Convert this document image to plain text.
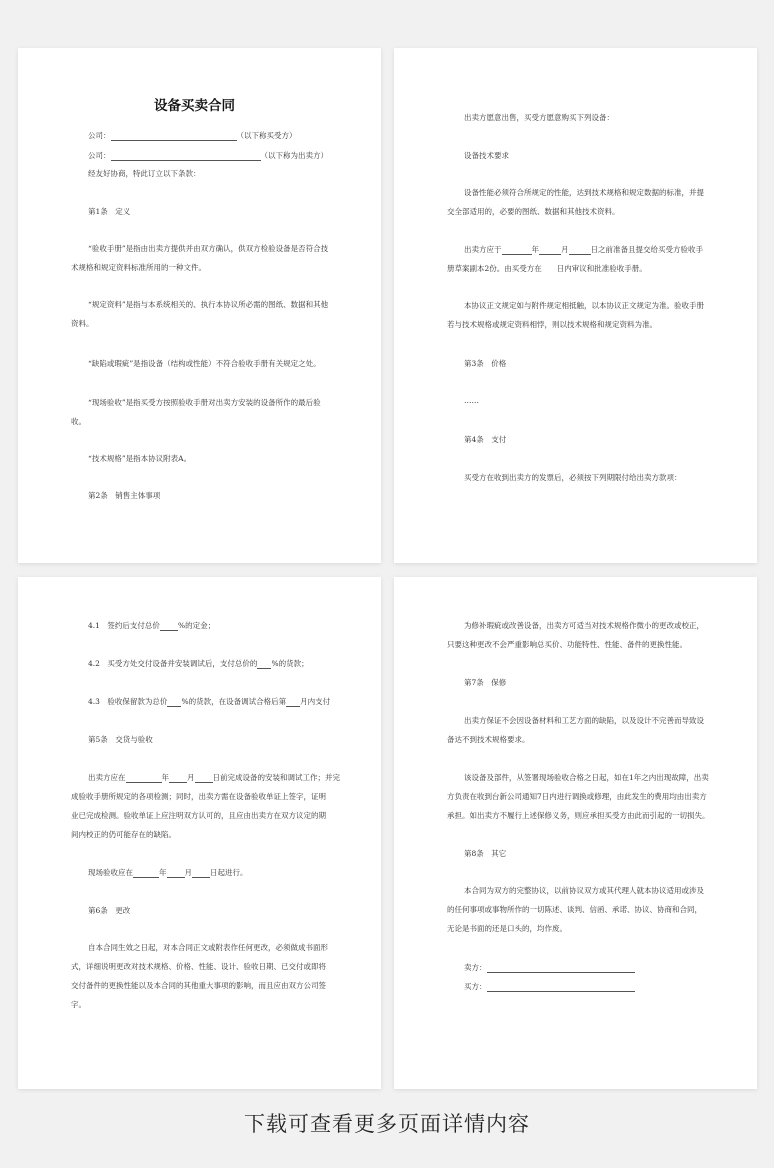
设备买卖合同
公司：	（以下称买受方）
公司：	（以下称为出卖方）
经友好协商，特此订立以下条款：
第1条　定义
“验收手册”是指由出卖方提供并由双方确认，供双方检验设备是否符合技
术规格和规定资料标准所用的一种文件。
“规定资料”是指与本系统相关的、执行本协议所必需的图纸、数据和其他
资料。
“缺陷或瑕疵”是指设备（结构或性能）不符合验收手册有关规定之处。
“现场验收”是指买受方按照验收手册对出卖方安装的设备所作的最后验
收。
“技术规格”是指本协议附表A。
第2条　销售主体事项
出卖方愿意出售，买受方愿意购买下列设备：
设备技术要求
设备性能必须符合所规定的性能，达到技术规格和规定数据的标准，并提
交全部适用的，必要的图纸、数据和其他技术资料。
出卖方应于	年	月	日之前准备且提交给买受方验收手
册草案副本2份。由买受方在　　日内审议和批准验收手册。
本协议正文规定如与附件规定相抵触，以本协议正文规定为准。验收手册
若与技术规格或规定资料相悖，则以技术规格和规定资料为准。
第3条　价格
……
第4条　支付
买受方在收到出卖方的发票后，必须按下列期限付给出卖方款项：
4.1　签约后支付总价 %的定金；
4.2　买受方处交付设备并安装调试后，支付总价的 %的货款；
4.3　验收保留款为总价 %的货款，在设备调试合格后第 月内支付
第5条　交货与验收
出卖方应在	年 月 日前完成设备的安装和调试工作；并完
成验收手册所规定的各项检测；同时，出卖方需在设备验收单证上签字，证明
业已完成检测。验收单证上应注明双方认可的，且应由出卖方在双方议定的期
间内校正的仍可能存在的缺陷。
现场验收应在	年 月 日起进行。
第6条　更改
自本合同生效之日起，对本合同正文或附表作任何更改，必须做成书面形
式，详细说明更改对技术规格、价格、性能、设计、验收日期、已交付或即将
交付备件的更换性能以及本合同的其他重大事项的影响，而且应由双方公司签
字。
为修补瑕疵或改善设备，出卖方可适当对技术规格作微小的更改或校正，
只要这种更改不会严重影响总买价、功能特性、性能、备件的更换性能。
第7条　保修
出卖方保证不会因设备材料和工艺方面的缺陷，以及设计不完善而导致设
备达不到技术规格要求。
该设备及部件，从签署现场验收合格之日起，如在1年之内出现故障，出卖
方负责在收到台新公司通知7日内进行调换或修理，由此发生的费用均由出卖方
承担。如出卖方不履行上述保修义务，则应承担买受方由此而引起的一切损失。
第8条　其它
本合同为双方的完整协议，以前协议双方或其代理人就本协议适用或涉及
的任何事项或事物所作的一切陈述、谈判、信函、承诺、协议、协商和合同，
无论是书面的还是口头的，均作废。
卖方：
买方：
下载可查看更多页面详情内容
